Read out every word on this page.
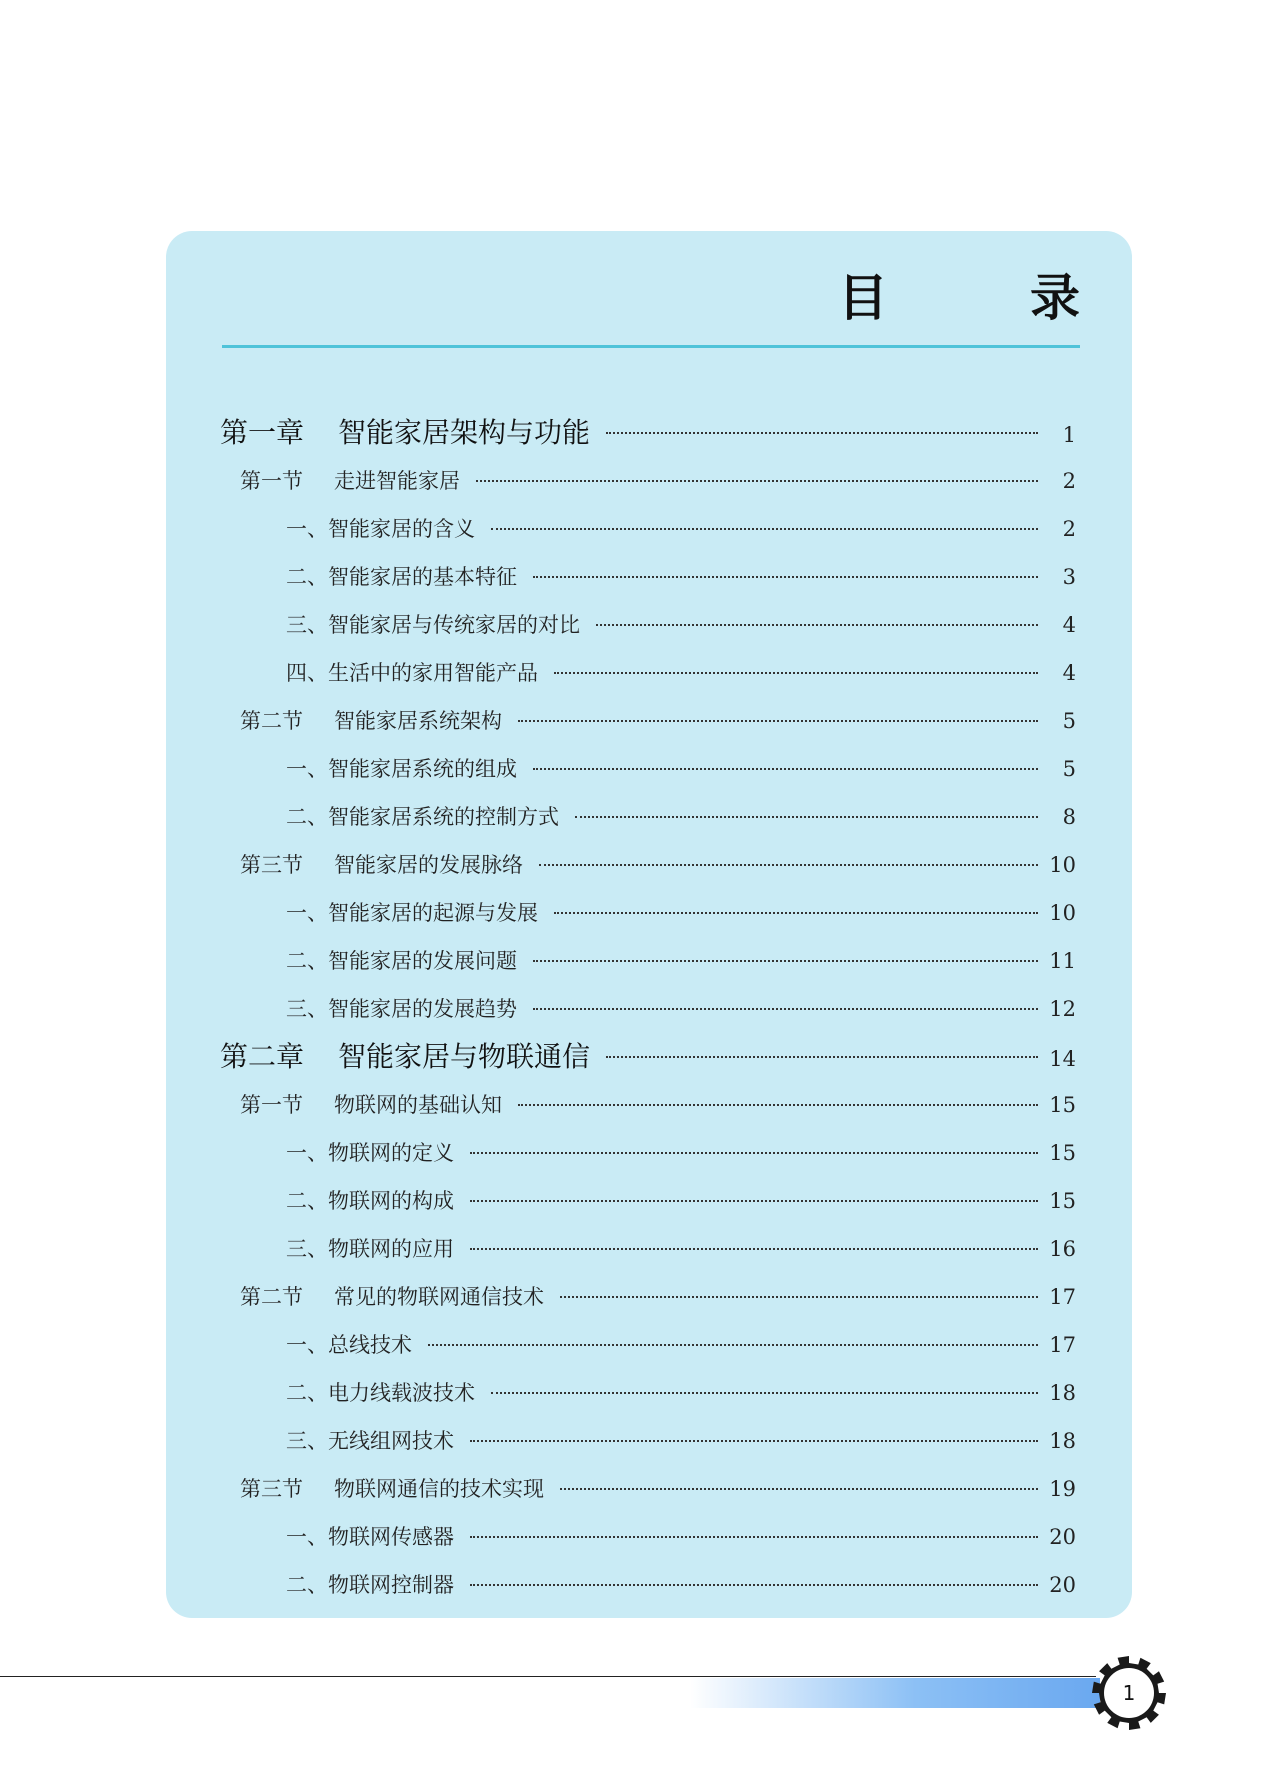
目　录
第一章	智能家居架构与功能	1
第一节	走进智能家居	2
一、智能家居的含义	2
二、智能家居的基本特征	3
三、智能家居与传统家居的对比	4
四、生活中的家用智能产品	4
第二节	智能家居系统架构	5
一、智能家居系统的组成	5
二、智能家居系统的控制方式	8
第三节	智能家居的发展脉络	10
一、智能家居的起源与发展	10
二、智能家居的发展问题	11
三、智能家居的发展趋势	12
第二章	智能家居与物联通信	14
第一节	物联网的基础认知	15
一、物联网的定义	15
二、物联网的构成	15
三、物联网的应用	16
第二节	常见的物联网通信技术	17
一、总线技术	17
二、电力线载波技术	18
三、无线组网技术	18
第三节	物联网通信的技术实现	19
一、物联网传感器	20
二、物联网控制器	20
1
